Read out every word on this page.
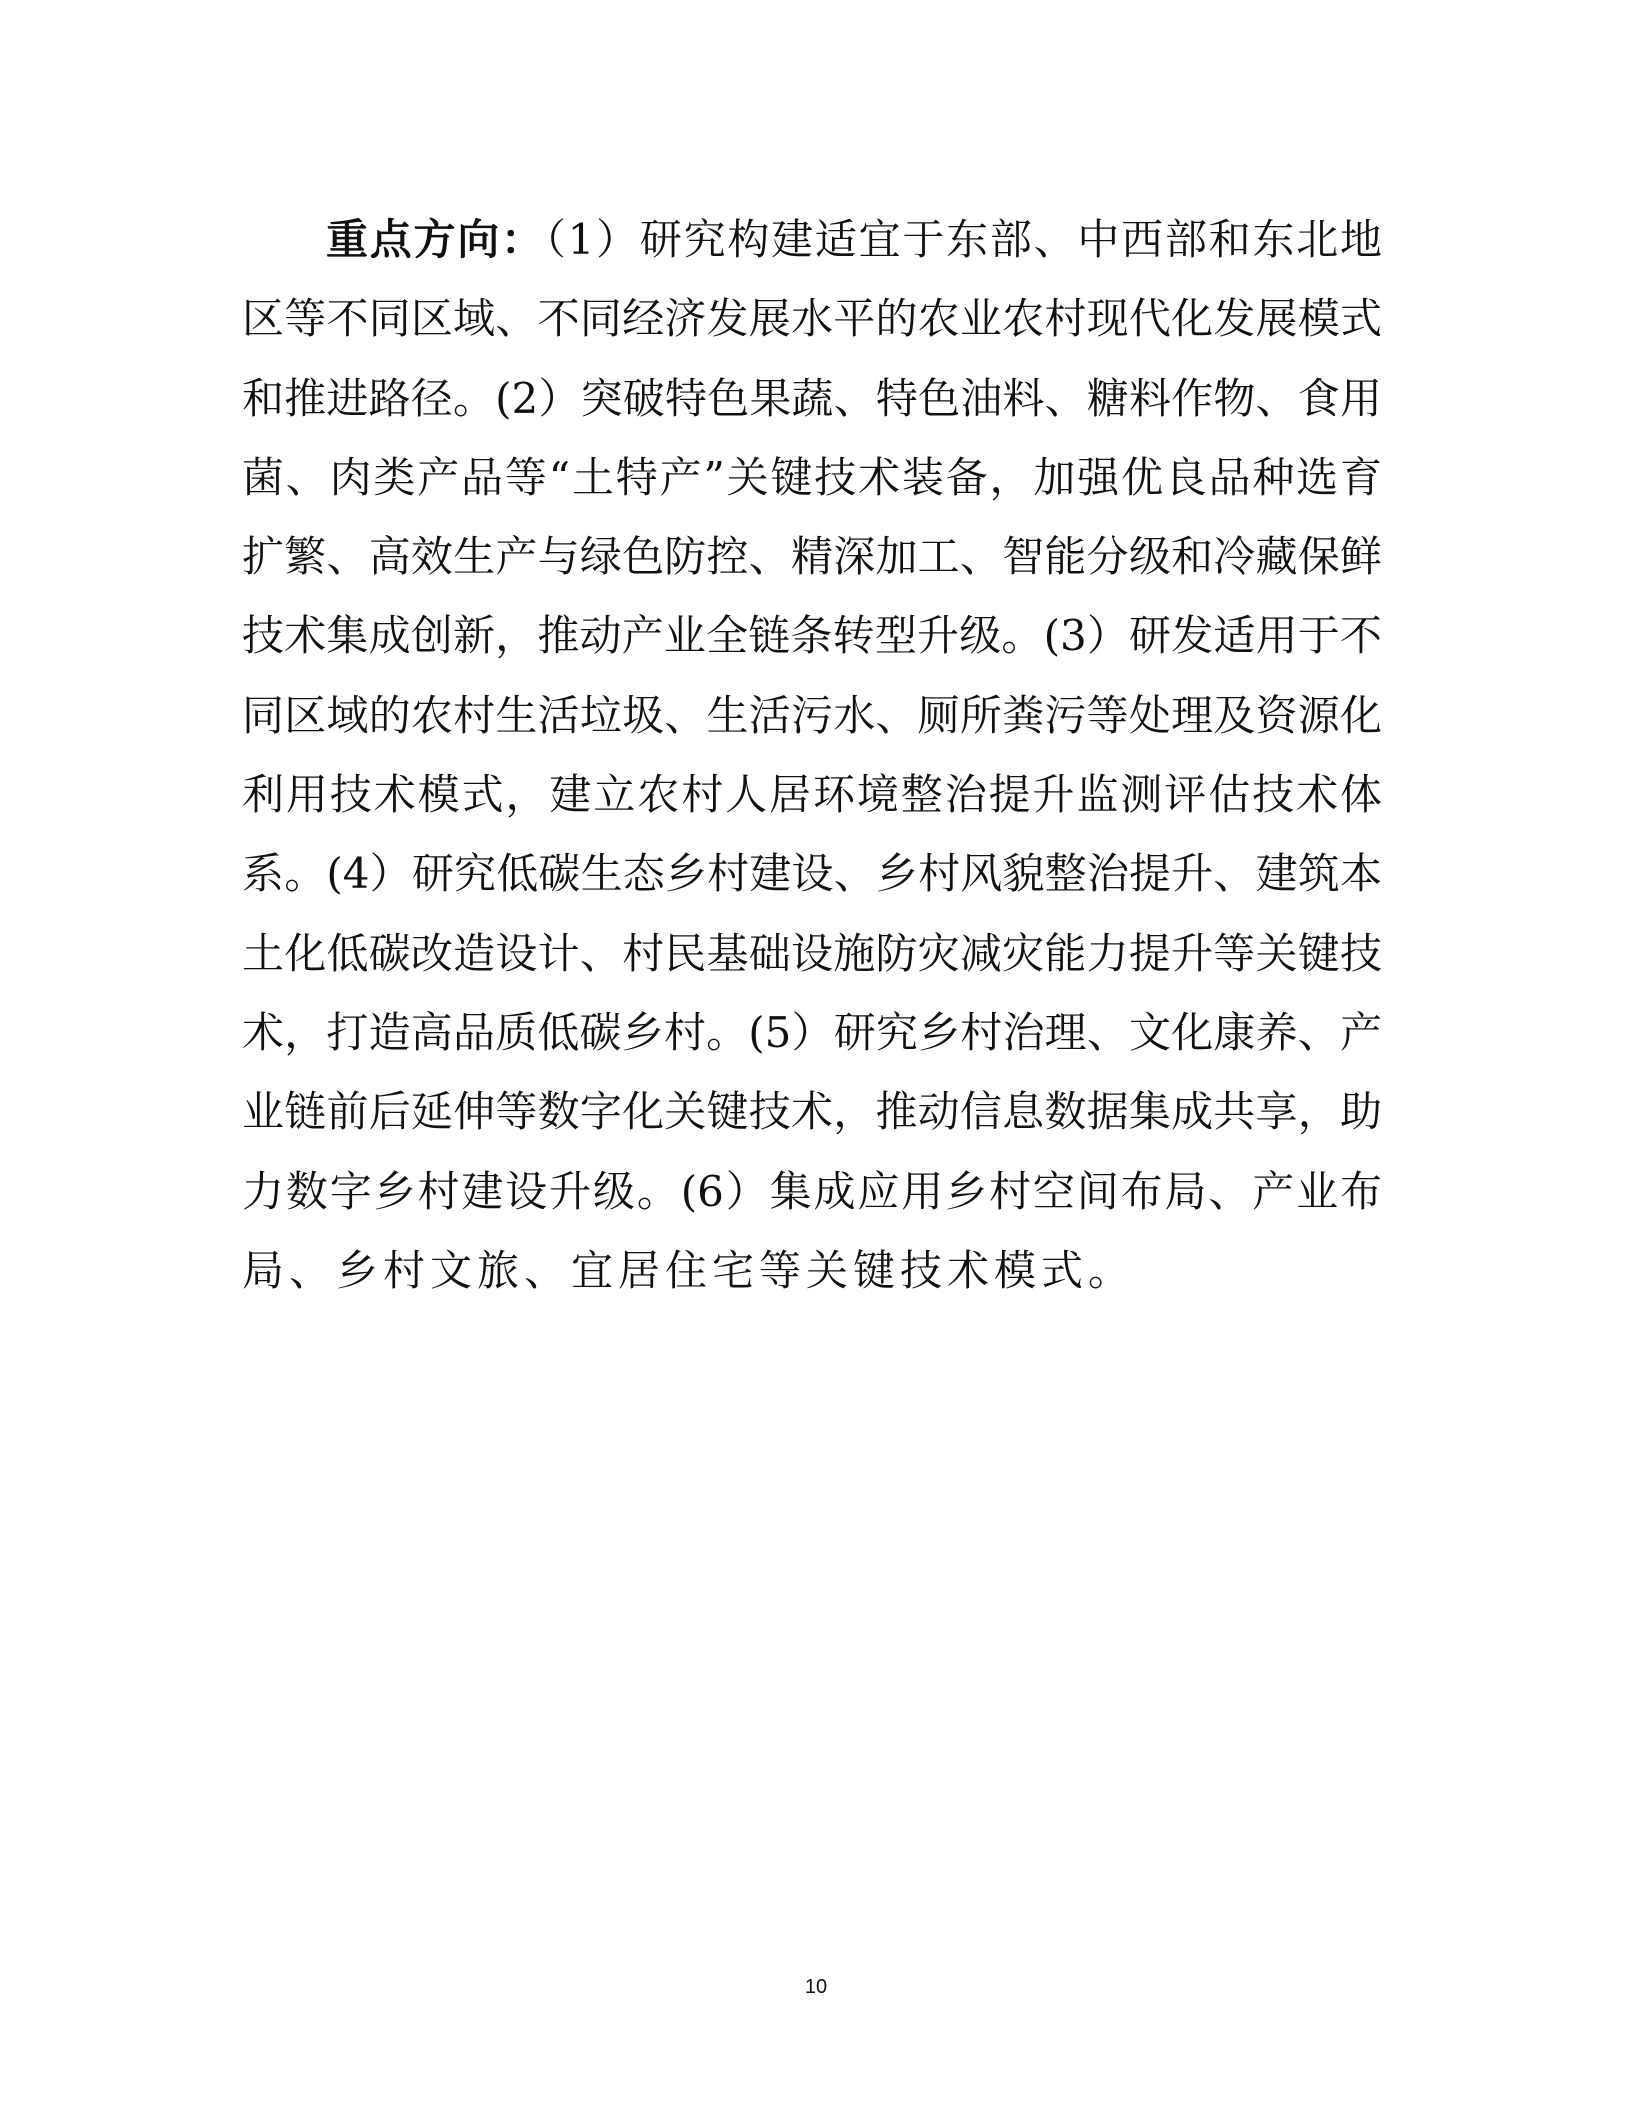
重点方向：（1）研究构建适宜于东部、中西部和东北地
区等不同区域、不同经济发展水平的农业农村现代化发展模式
和推进路径。(2）突破特色果蔬、特色油料、糖料作物、食用
菌、肉类产品等“土特产”关键技术装备，加强优良品种选育
扩繁、高效生产与绿色防控、精深加工、智能分级和冷藏保鲜
技术集成创新，推动产业全链条转型升级。(3）研发适用于不
同区域的农村生活垃圾、生活污水、厕所粪污等处理及资源化
利用技术模式，建立农村人居环境整治提升监测评估技术体
系。(4）研究低碳生态乡村建设、乡村风貌整治提升、建筑本
土化低碳改造设计、村民基础设施防灾减灾能力提升等关键技
术，打造高品质低碳乡村。(5）研究乡村治理、文化康养、产
业链前后延伸等数字化关键技术，推动信息数据集成共享，助
力数字乡村建设升级。(6）集成应用乡村空间布局、产业布
局、乡村文旅、宜居住宅等关键技术模式。
10
